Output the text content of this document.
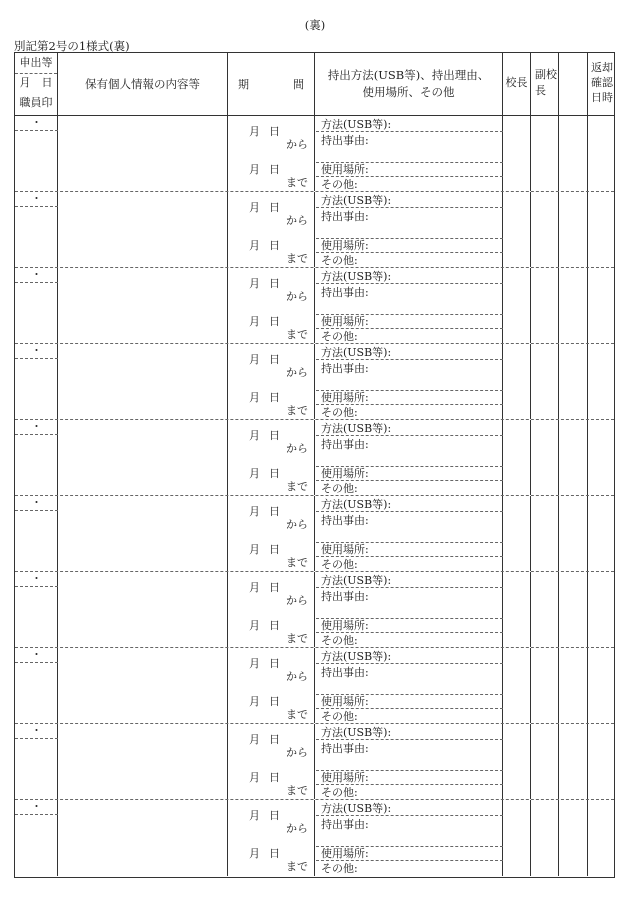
(裏)
別記第2号の1様式(裏)
申出等
月　日
職員印
保有個人情報の内容等	期	間
持出方法(USB等)、持出理由、
使用場所、その他
校長
副校
長
返却
確認
日時
・
月 日
から
月 日
まで
方法(USB等):
持出事由:
使用場所:
その他:
・
月 日
から
月 日
まで
方法(USB等):
持出事由:
使用場所:
その他:
・
月 日
から
月 日
まで
方法(USB等):
持出事由:
使用場所:
その他:
・
月 日
から
月 日
まで
方法(USB等):
持出事由:
使用場所:
その他:
・
月 日
から
月 日
まで
方法(USB等):
持出事由:
使用場所:
その他:
・
月 日
から
月 日
まで
方法(USB等):
持出事由:
使用場所:
その他:
・
月 日
から
月 日
まで
方法(USB等):
持出事由:
使用場所:
その他:
・
月 日
から
月 日
まで
方法(USB等):
持出事由:
使用場所:
その他:
・
月 日
から
月 日
まで
方法(USB等):
持出事由:
使用場所:
その他:
・
月 日
から
月 日
まで
方法(USB等):
持出事由:
使用場所:
その他:
